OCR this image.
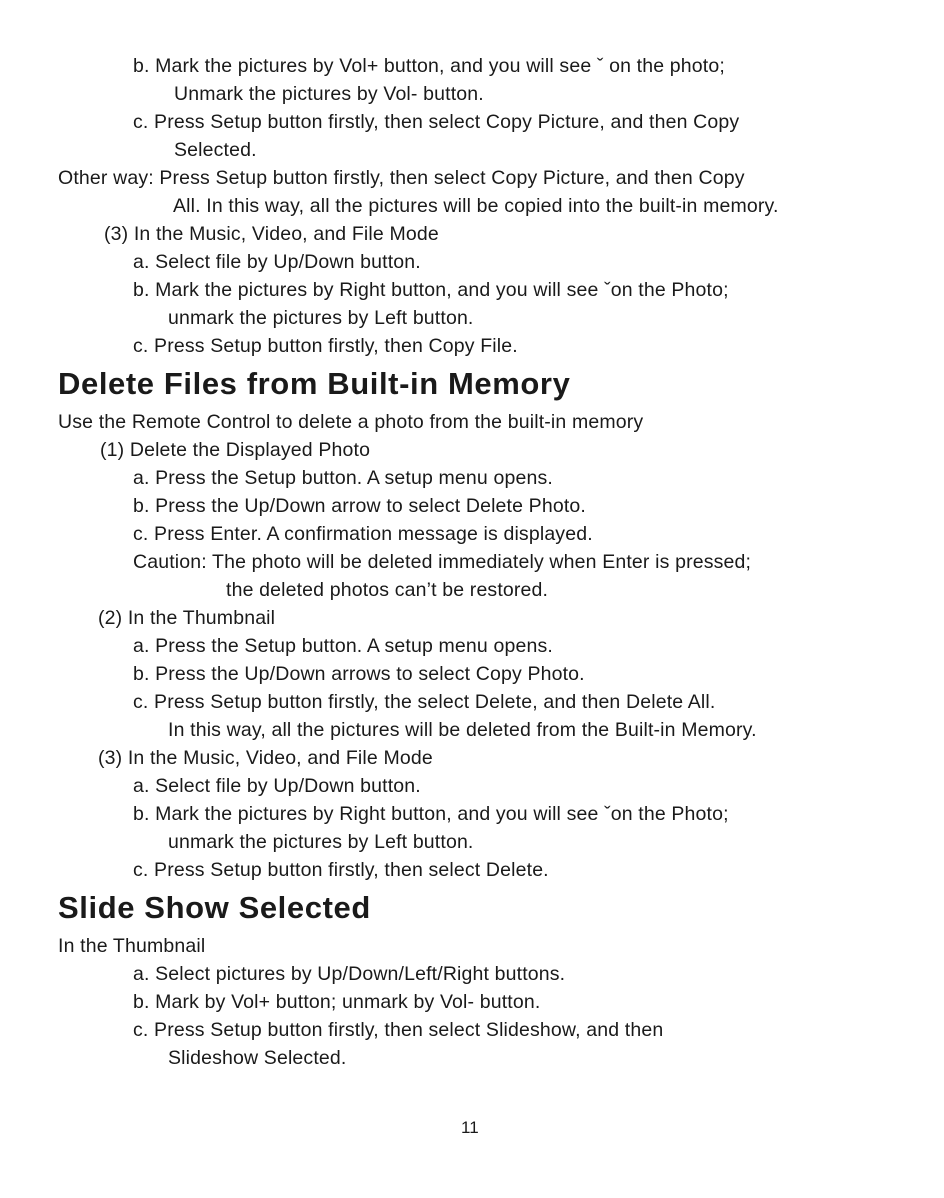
b. Mark the pictures by Vol+ button, and you will see ˇ on the photo;
Unmark the pictures by Vol- button.
c. Press Setup button firstly, then select Copy Picture, and then Copy
Selected.
Other way: Press Setup button firstly, then select Copy Picture, and then Copy
All. In this way, all the pictures will be copied into the built-in memory.
(3) In the Music, Video, and File Mode
a. Select file by Up/Down button.
b. Mark the pictures by Right button, and you will see ˇon the Photo;
unmark the pictures by Left button.
c. Press Setup button firstly, then Copy File.
Delete Files from Built-in Memory
Use the Remote Control to delete a photo from the built-in memory
(1) Delete the Displayed Photo
a. Press the Setup button. A setup menu opens.
b. Press the Up/Down arrow to select Delete Photo.
c. Press Enter. A confirmation message is displayed.
Caution: The photo will be deleted immediately when Enter is pressed;
the deleted photos can’t be restored.
(2) In the Thumbnail
a. Press the Setup button. A setup menu opens.
b. Press the Up/Down arrows to select Copy Photo.
c. Press Setup button firstly, the select Delete, and then Delete All.
In this way, all the pictures will be deleted from the Built-in Memory.
(3) In the Music, Video, and File Mode
a. Select file by Up/Down button.
b. Mark the pictures by Right button, and you will see ˇon the Photo;
unmark the pictures by Left button.
c. Press Setup button firstly, then select Delete.
Slide Show Selected
In the Thumbnail
a. Select pictures by Up/Down/Left/Right buttons.
b. Mark by Vol+ button; unmark by Vol- button.
c. Press Setup button firstly, then select Slideshow, and then
Slideshow Selected.
11
